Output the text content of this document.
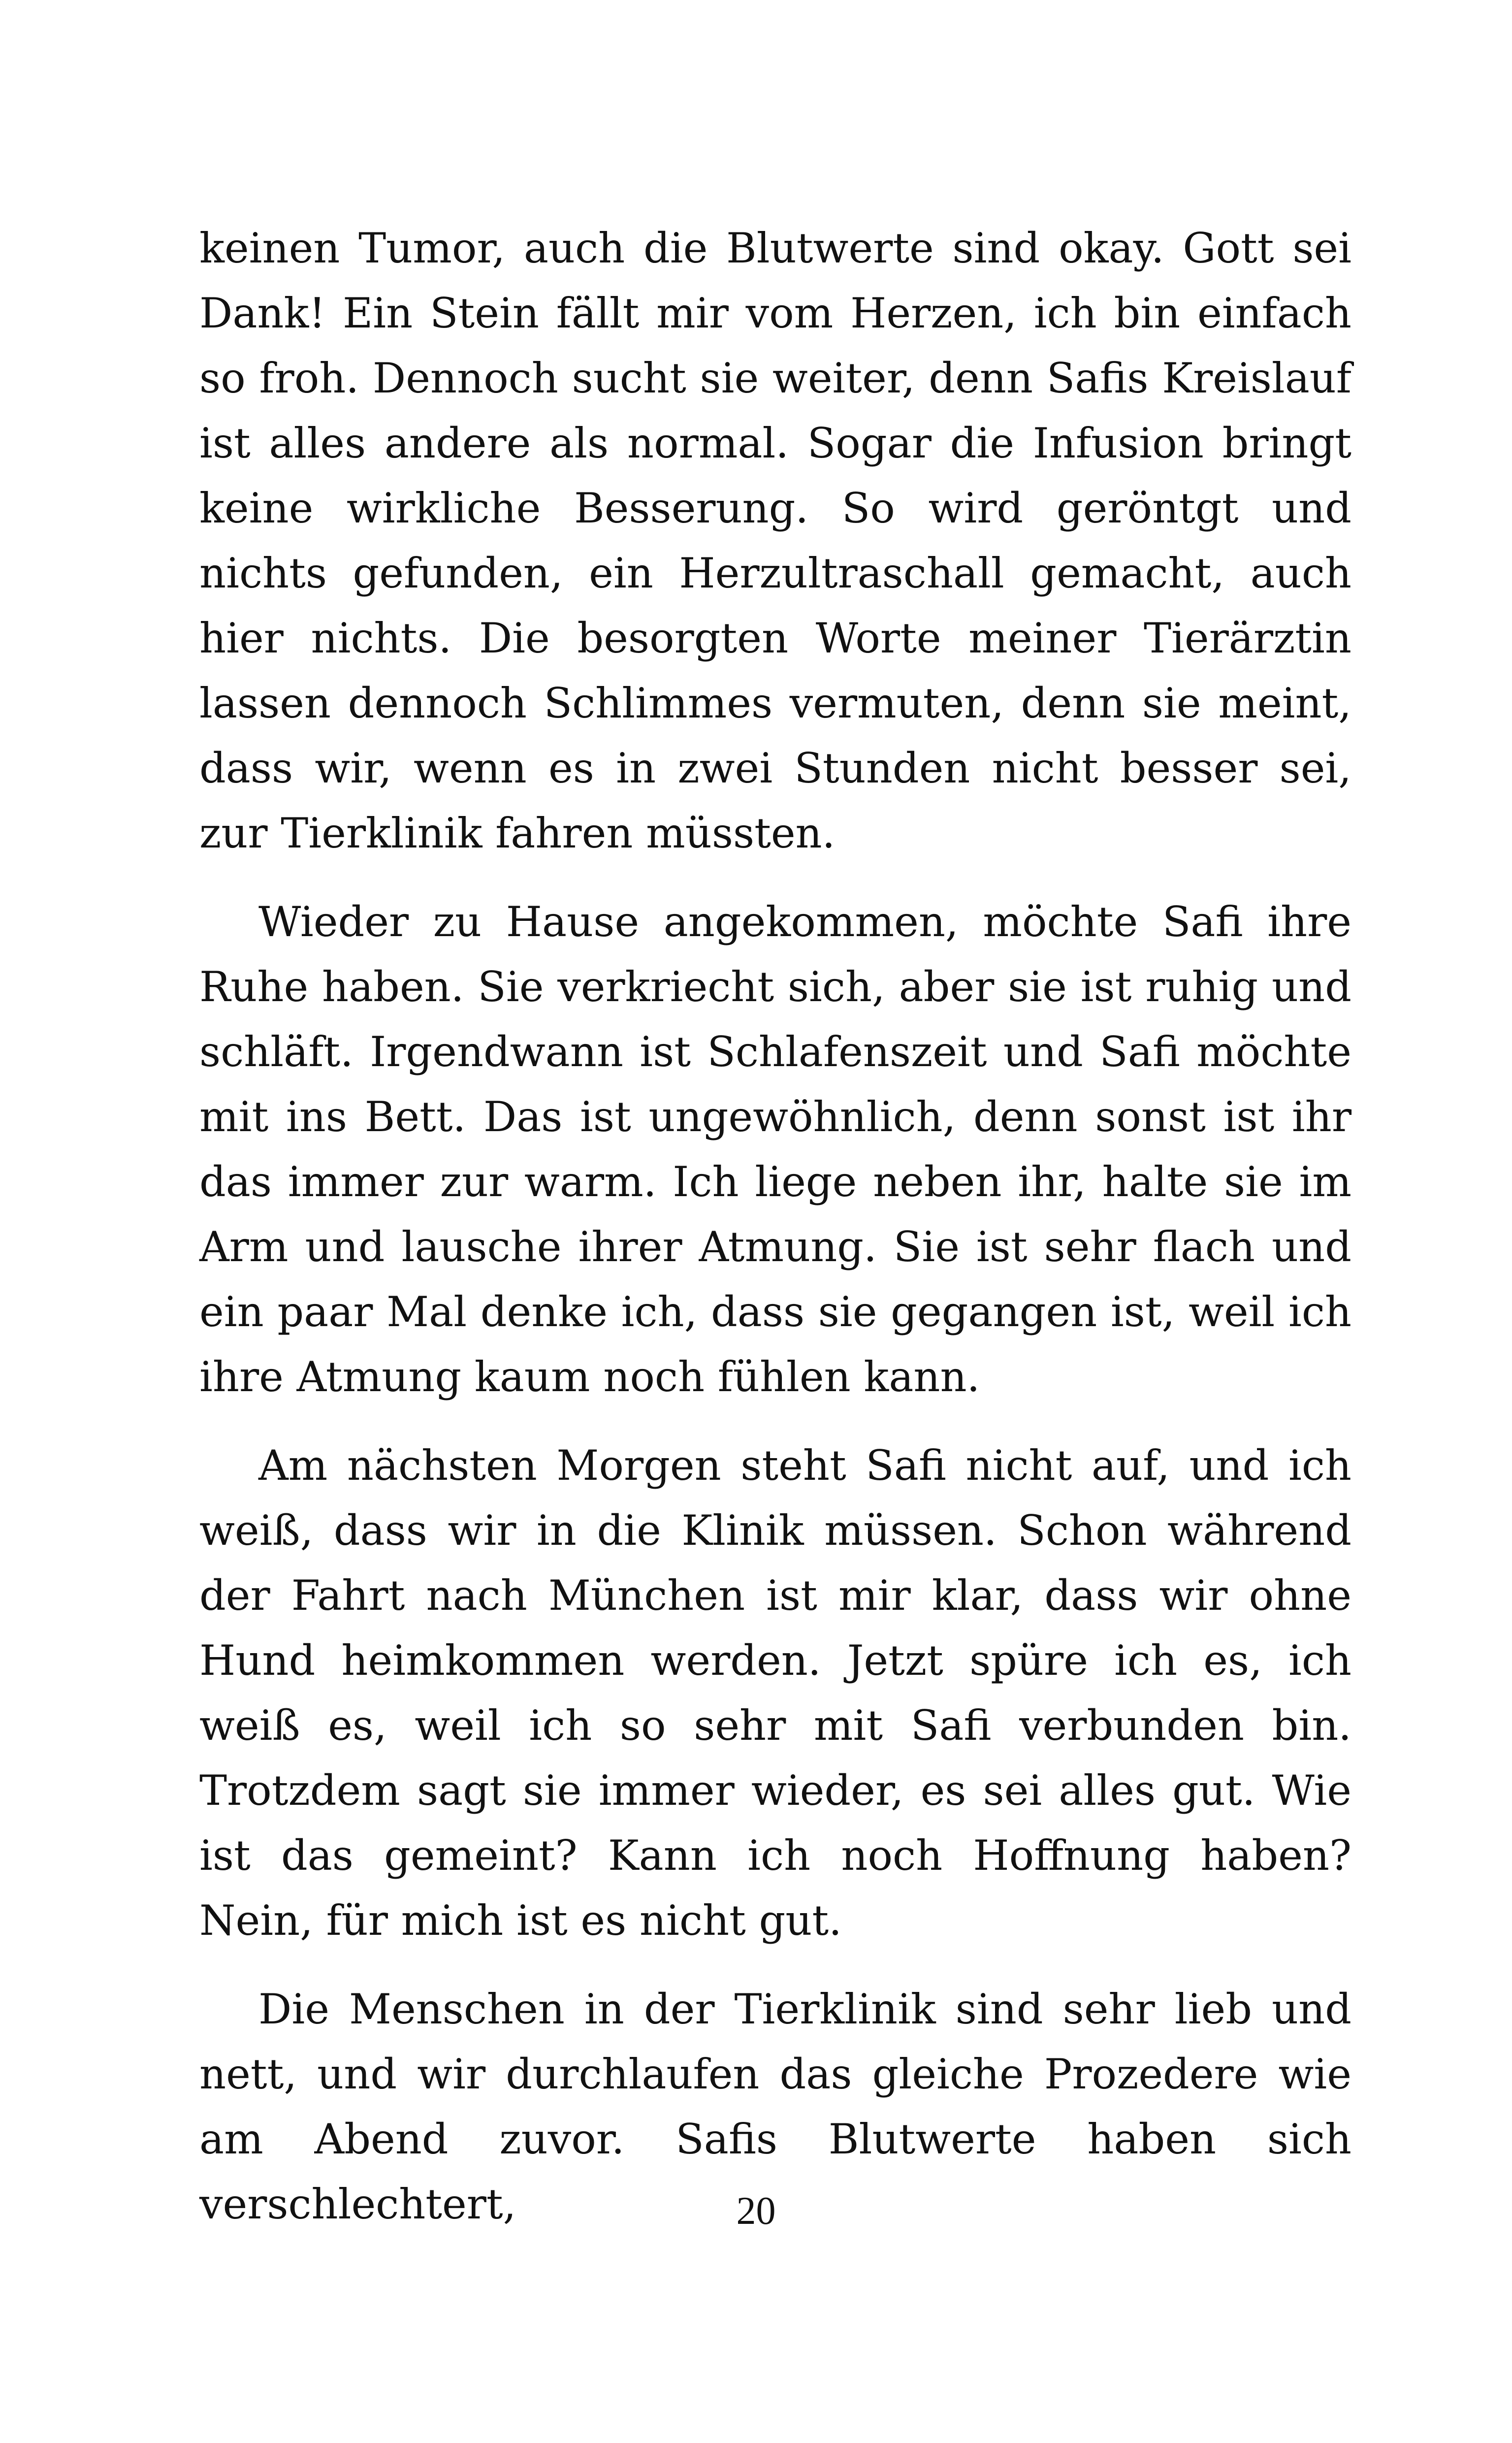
keinen Tumor, auch die Blutwerte sind okay. Gott sei Dank! Ein Stein fällt mir vom Herzen, ich bin einfach so froh. Dennoch sucht sie weiter, denn Safis Kreislauf ist alles andere als normal. Sogar die Infusion bringt keine wirkliche Besserung. So wird geröntgt und nichts gefunden, ein Herzultraschall gemacht, auch hier nichts. Die besorgten Worte meiner Tierärztin lassen dennoch Schlimmes vermuten, denn sie meint, dass wir, wenn es in zwei Stunden nicht besser sei, zur Tierklinik fahren müssten.

Wieder zu Hause angekommen, möchte Safi ihre Ruhe haben. Sie verkriecht sich, aber sie ist ruhig und schläft. Irgendwann ist Schlafenszeit und Safi möchte mit ins Bett. Das ist ungewöhnlich, denn sonst ist ihr das immer zur warm. Ich liege neben ihr, halte sie im Arm und lausche ihrer Atmung. Sie ist sehr flach und ein paar Mal denke ich, dass sie gegangen ist, weil ich ihre Atmung kaum noch fühlen kann.

Am nächsten Morgen steht Safi nicht auf, und ich weiß, dass wir in die Klinik müssen. Schon während der Fahrt nach München ist mir klar, dass wir ohne Hund heimkommen werden. Jetzt spüre ich es, ich weiß es, weil ich so sehr mit Safi verbunden bin. Trotzdem sagt sie immer wieder, es sei alles gut. Wie ist das gemeint? Kann ich noch Hoffnung haben? Nein, für mich ist es nicht gut.

Die Menschen in der Tierklinik sind sehr lieb und nett, und wir durchlaufen das gleiche Prozedere wie am Abend zuvor. Safis Blutwerte haben sich verschlechtert,	20
